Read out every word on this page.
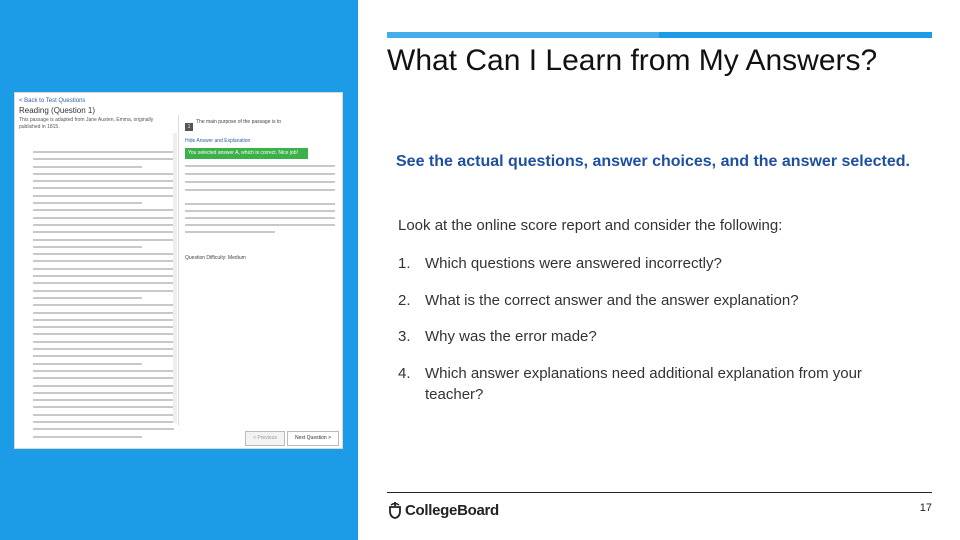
< Back to Test Questions
Reading (Question 1)
This passage is adapted from Jane Austen, Emma, originally published in 1815.	1
The main purpose of the passage is to
Hide Answer and Explanation
You selected answer A, which is correct. Nice job!
Question Difficulty: Medium
< Previous	Next Question >
What Can I Learn from My Answers?
See the actual questions, answer choices, and the answer selected.
Look at the online score report and consider the following:
1. Which questions were answered incorrectly?
2. What is the correct answer and the answer explanation?
3. Why was the error made?
4. Which answer explanations need additional explanation from your teacher?
CollegeBoard	17
